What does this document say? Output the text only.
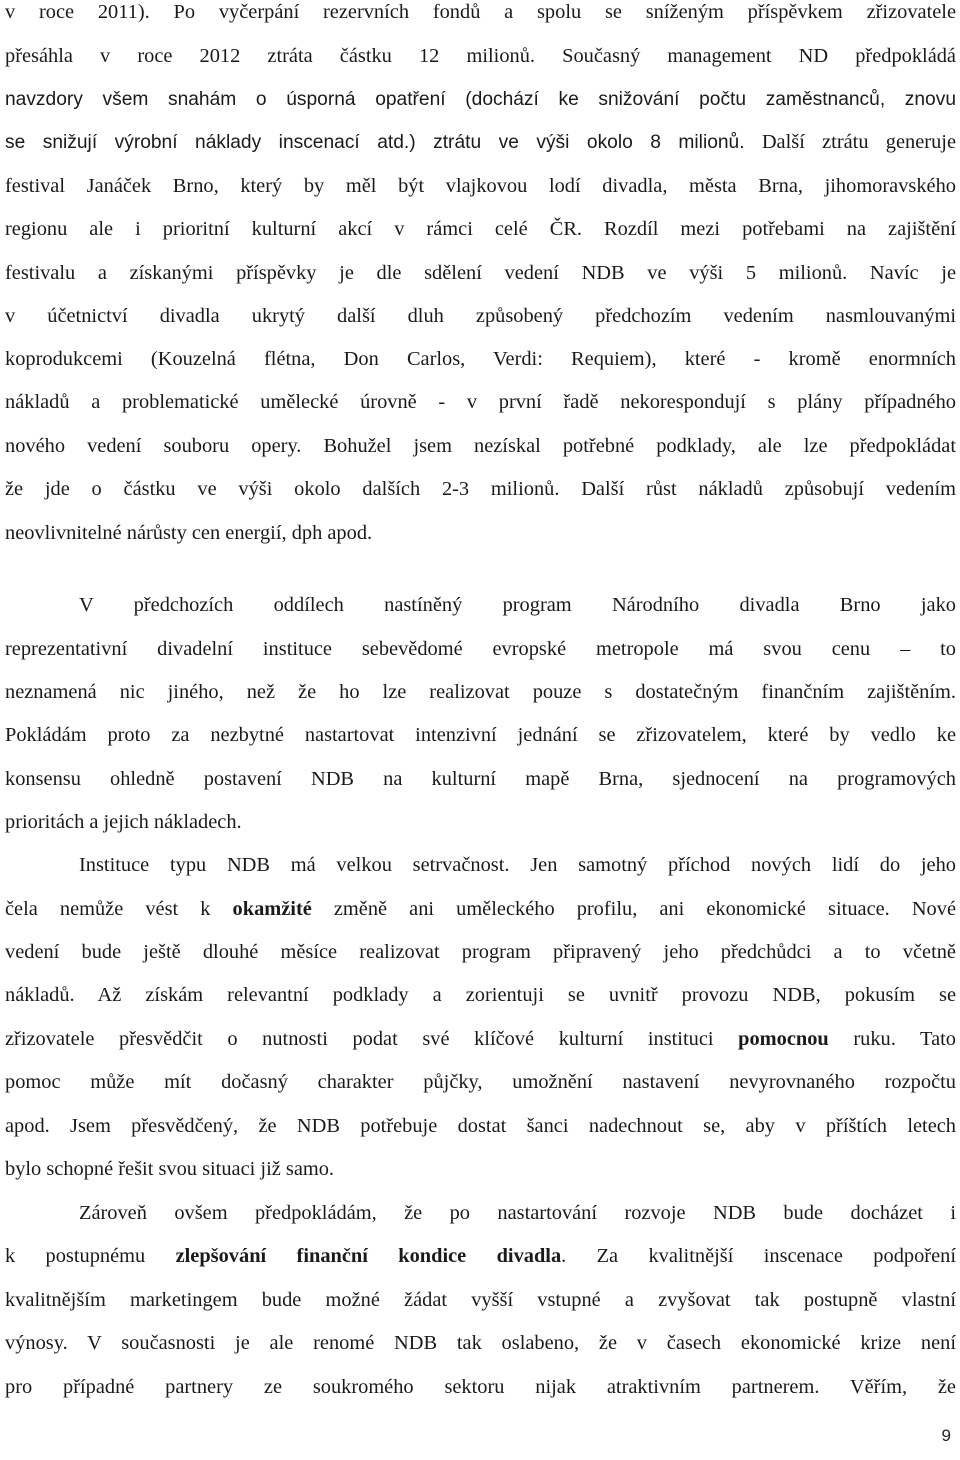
v roce 2011). Po vyčerpání rezervních fondů a spolu se sníženým příspěvkem zřizovatele
přesáhla v roce 2012 ztráta částku 12 milionů. Současný management ND předpokládá
navzdory všem snahám o úsporná opatření (dochází ke snižování počtu zaměstnanců, znovu
se snižují výrobní náklady inscenací atd.) ztrátu ve výši okolo 8 milionů. Další ztrátu generuje
festival Janáček Brno, který by měl být vlajkovou lodí divadla, města Brna, jihomoravského
regionu ale i prioritní kulturní akcí v rámci celé ČR. Rozdíl mezi potřebami na zajištění
festivalu a získanými příspěvky je dle sdělení vedení NDB ve výši 5 milionů. Navíc je
v účetnictví divadla ukrytý další dluh způsobený předchozím vedením nasmlouvanými
koprodukcemi (Kouzelná flétna, Don Carlos, Verdi: Requiem), které - kromě enormních
nákladů a problematické umělecké úrovně - v první řadě nekorespondují s plány případného
nového vedení souboru opery. Bohužel jsem nezískal potřebné podklady, ale lze předpokládat
že jde o částku ve výši okolo dalších 2-3 milionů. Další růst nákladů způsobují vedením
neovlivnitelné nárůsty cen energií, dph apod.
V předchozích oddílech nastíněný program Národního divadla Brno jako
reprezentativní divadelní instituce sebevědomé evropské metropole má svou cenu – to
neznamená nic jiného, než že ho lze realizovat pouze s dostatečným finančním zajištěním.
Pokládám proto za nezbytné nastartovat intenzivní jednání se zřizovatelem, které by vedlo ke
konsensu ohledně postavení NDB na kulturní mapě Brna, sjednocení na programových
prioritách a jejich nákladech.
Instituce typu NDB má velkou setrvačnost. Jen samotný příchod nových lidí do jeho
čela nemůže vést k okamžité změně ani uměleckého profilu, ani ekonomické situace. Nové
vedení bude ještě dlouhé měsíce realizovat program připravený jeho předchůdci a to včetně
nákladů. Až získám relevantní podklady a zorientuji se uvnitř provozu NDB, pokusím se
zřizovatele přesvědčit o nutnosti podat své klíčové kulturní instituci pomocnou ruku. Tato
pomoc může mít dočasný charakter půjčky, umožnění nastavení nevyrovnaného rozpočtu
apod. Jsem přesvědčený, že NDB potřebuje dostat šanci nadechnout se, aby v příštích letech
bylo schopné řešit svou situaci již samo.
Zároveň ovšem předpokládám, že po nastartování rozvoje NDB bude docházet i
k postupnému zlepšování finanční kondice divadla. Za kvalitnější inscenace podpoření
kvalitnějším marketingem bude možné žádat vyšší vstupné a zvyšovat tak postupně vlastní
výnosy. V současnosti je ale renomé NDB tak oslabeno, že v časech ekonomické krize není
pro případné partnery ze soukromého sektoru nijak atraktivním partnerem. Věřím, že
9
